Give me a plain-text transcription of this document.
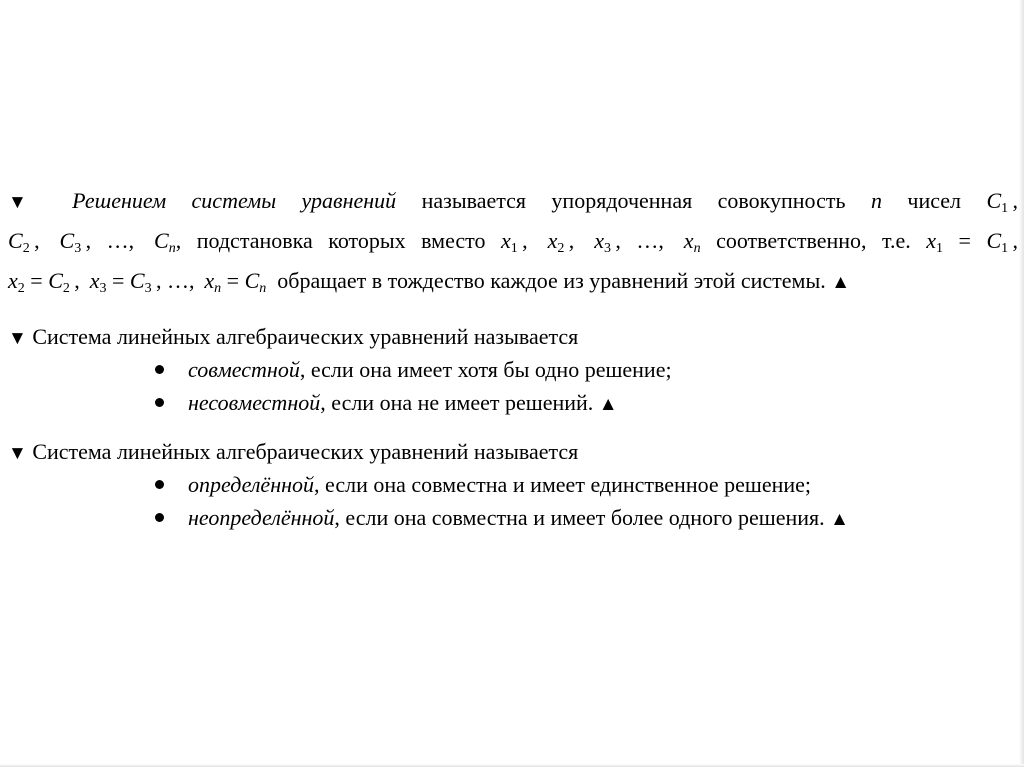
▼ Решением системы уравнений называется упорядоченная совокупность n чисел $C_1$ ,
$C_2$ ,  $C_3$ , …,  $C_n$, подстановка которых вместо $x_1$ ,  $x_2$ ,  $x_3$ , …,  $x_n$ соответственно, т.е. $x_1 = C_1$ ,
$x_2 = C_2$ ,  $x_3 = C_3$ , …,  $x_n = C_n$ обращает в тождество каждое из уравнений этой системы. ▲
▼ Система линейных алгебраических уравнений называется
совместной, если она имеет хотя бы одно решение;
несовместной, если она не имеет решений. ▲
▼ Система линейных алгебраических уравнений называется
определённой, если она совместна и имеет единственное решение;
неопределённой, если она совместна и имеет более одного решения. ▲
